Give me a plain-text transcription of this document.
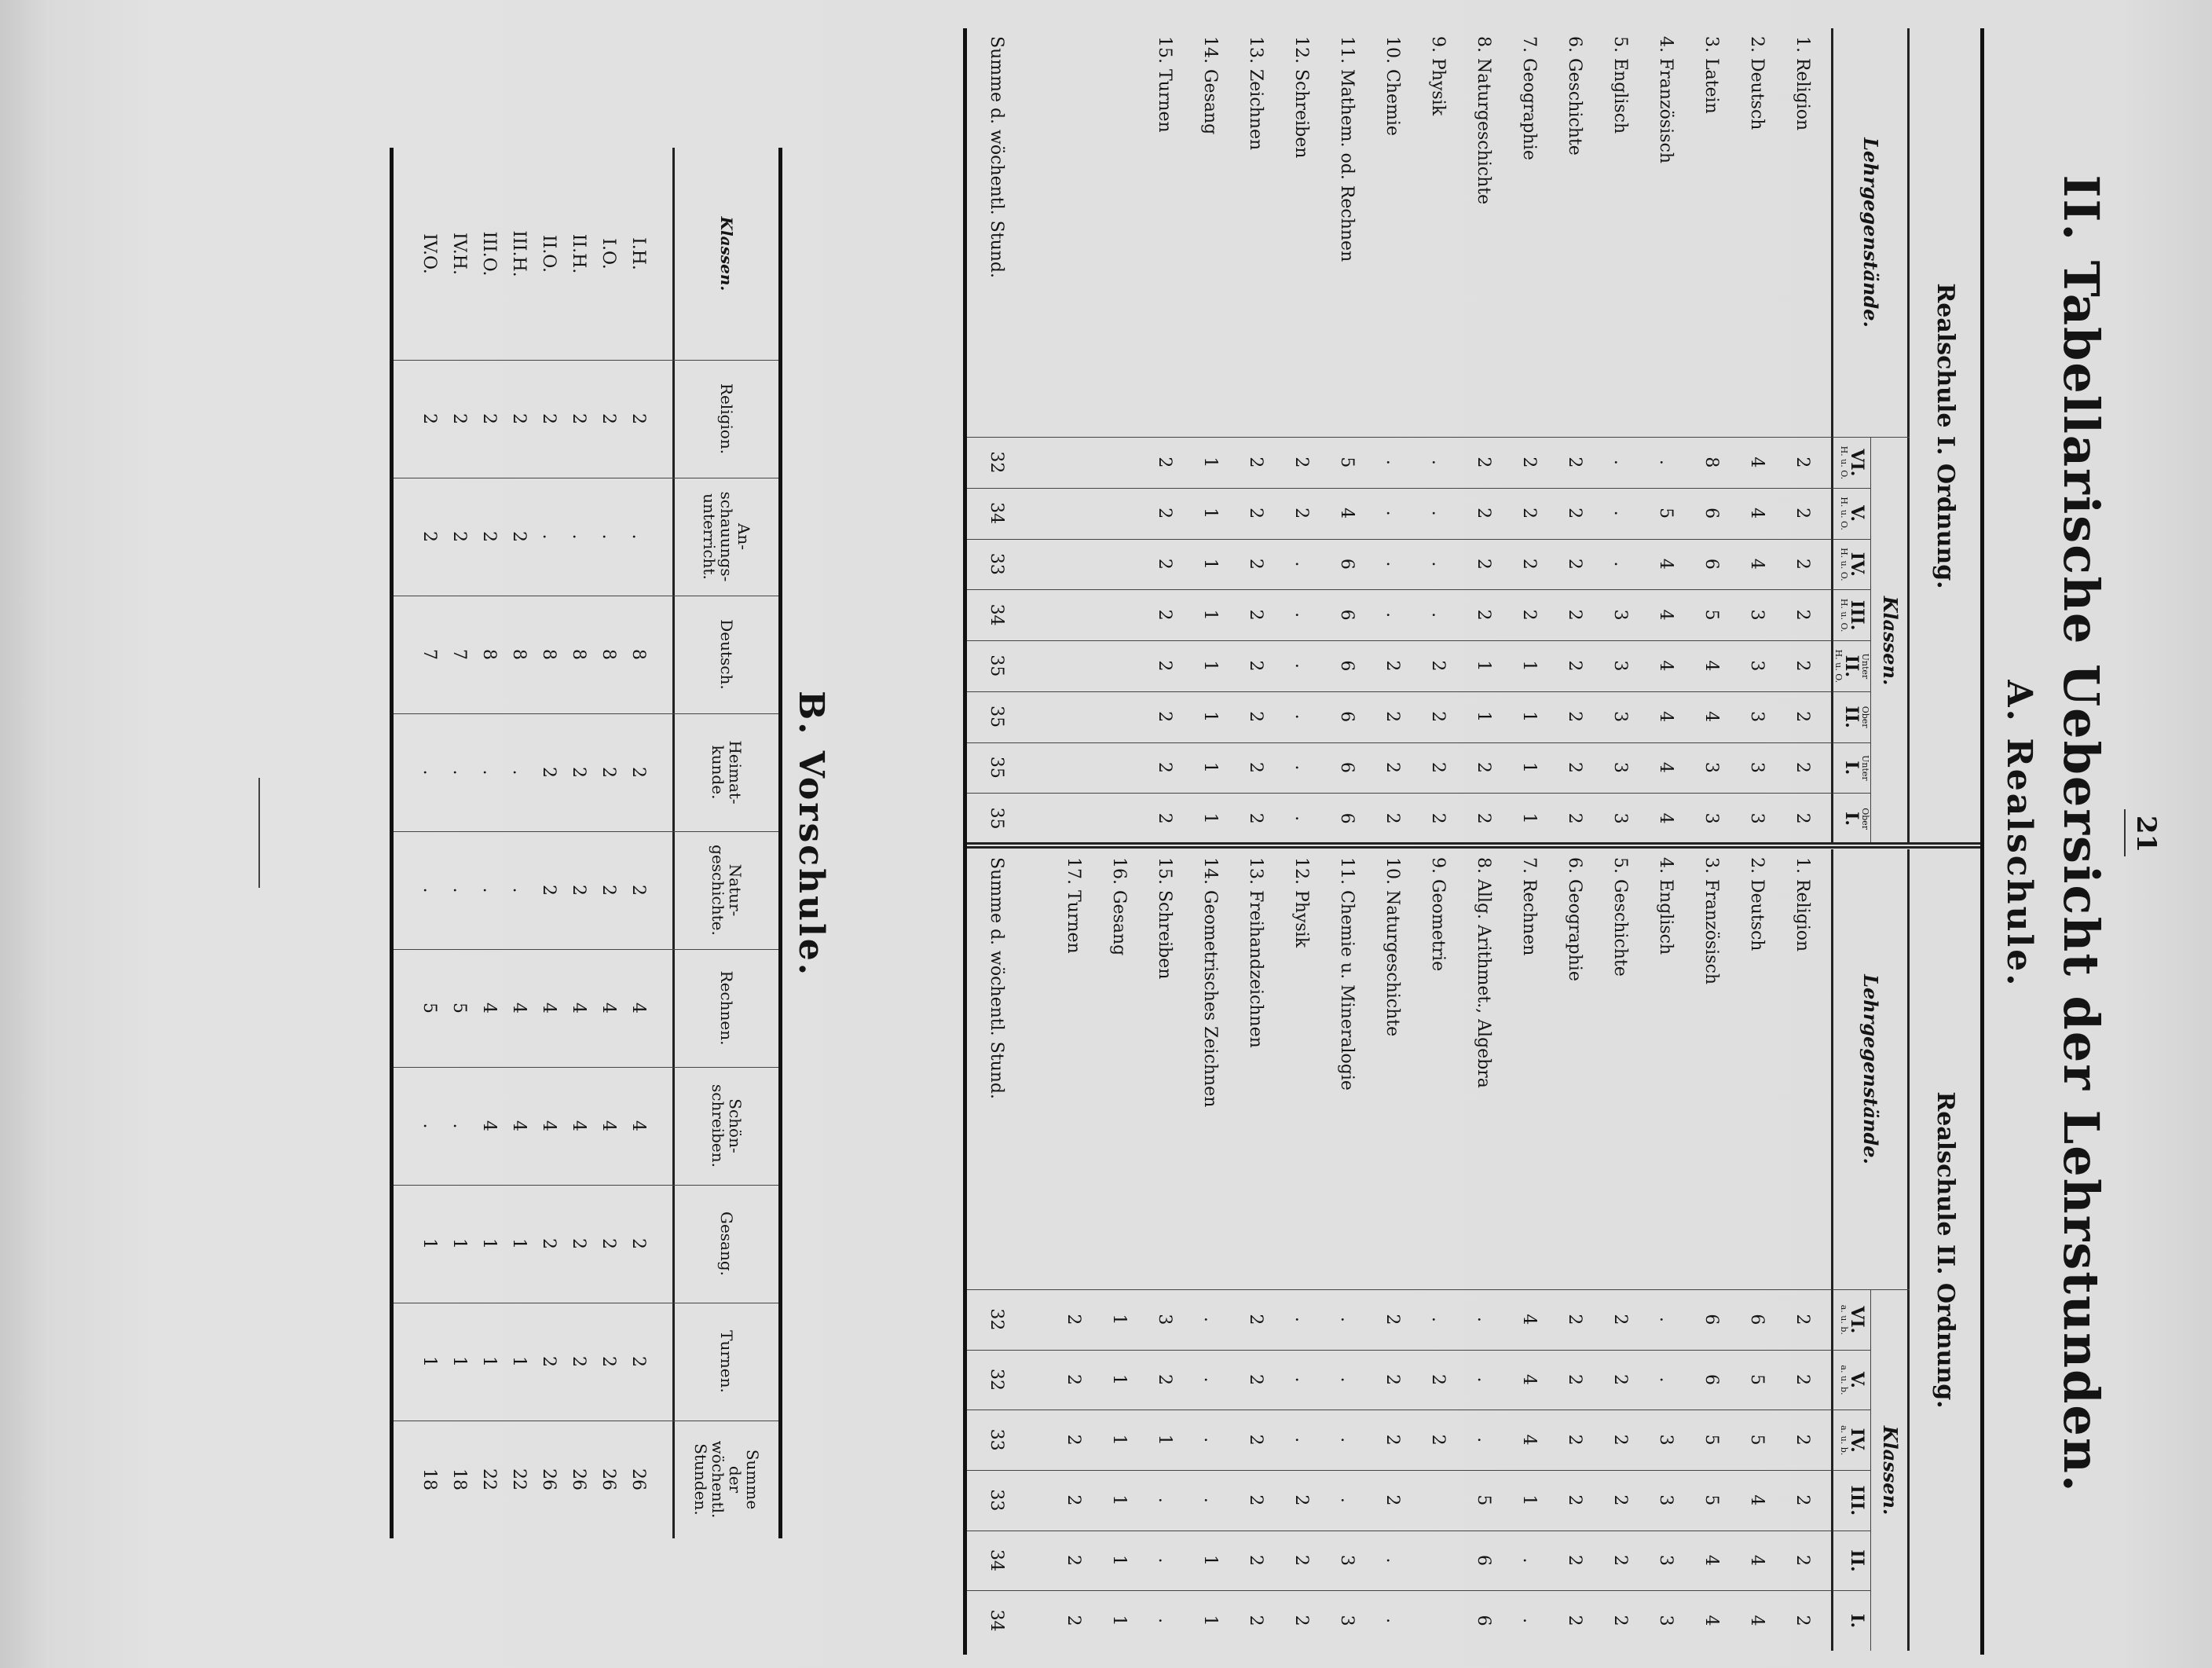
21
II. Tabellarische Uebersicht der Lehrstunden.
A. Realschule.
Realschule I. Ordnung.
Lehrgegenstände.
Klassen.
VI.
H. u. O.
V.
H. u. O.
IV.
H. u. O.
III.
H. u. O.
Unter
II.
H. u. O.
Ober
II.
Unter
I.
Ober
I.
1. Religion
2
2
2
2
2
2
2
2
2. Deutsch
4
4
4
3
3
3
3
3
3. Latein
8
6
6
5
4
4
3
3
4. Französisch
.
5
4
4
4
4
4
4
5. Englisch
.
.
.
3
3
3
3
3
6. Geschichte
2
2
2
2
2
2
2
2
7. Geographie
2
2
2
2
1
1
1
1
8. Naturgeschichte
2
2
2
2
1
1
2
2
9. Physik
.
.
.
.
2
2
2
2
10. Chemie
.
.
.
.
2
2
2
2
11. Mathem. od. Rechnen
5
4
6
6
6
6
6
6
12. Schreiben
2
2
.
.
.
.
.
.
13. Zeichnen
2
2
2
2
2
2
2
2
14. Gesang
1
1
1
1
1
1
1
1
15. Turnen
2
2
2
2
2
2
2
2
Summe d. wöchentl. Stund.
32
34
33
34
35
35
35
35
Realschule II. Ordnung.
Lehrgegenstände.
Klassen.
VI.
a. u. b.
V.
a. u. b.
IV.
a. u. b.
III.
II.
I.
1. Religion
2
2
2
2
2
2
2. Deutsch
6
5
5
4
4
4
3. Französisch
6
6
5
5
4
4
4. Englisch
.
.
3
3
3
3
5. Geschichte
2
2
2
2
2
2
6. Geographie
2
2
2
2
2
2
7. Rechnen
4
4
4
1
.
.
8. Allg. Arithmet., Algebra
.
.
.
5
6
6
9. Geometrie
.
2
2
10. Naturgeschichte
2
2
2
2
.
.
11. Chemie u. Mineralogie
.
.
.
.
3
3
12. Physik
.
.
.
2
2
2
13. Freihandzeichnen
2
2
2
2
2
2
14. Geometrisches Zeichnen
.
.
.
.
1
1
15. Schreiben
3
2
1
.
.
.
16. Gesang
1
1
1
1
1
1
17. Turnen
2
2
2
2
2
2
Summe d. wöchentl. Stund.
32
32
33
33
34
34
B. Vorschule.
Klassen.
Religion.
An-
schauungs-
unterricht.
Deutsch.
Heimat-
kunde.
Natur-
geschichte.
Rechnen.
Schön-
schreiben.
Gesang.
Turnen.
Summe
der
wöchentl.
Stunden.
I.H.
2
.
8
2
2
4
4
2
2
26
I.O.
2
.
8
2
2
4
4
2
2
26
II.H.
2
.
8
2
2
4
4
2
2
26
II.O.
2
.
8
2
2
4
4
2
2
26
III.H.
2
2
8
.
.
4
4
1
1
22
III.O.
2
2
8
.
.
4
4
1
1
22
IV.H.
2
2
7
.
.
5
.
1
1
18
IV.O.
2
2
7
.
.
5
.
1
1
18
